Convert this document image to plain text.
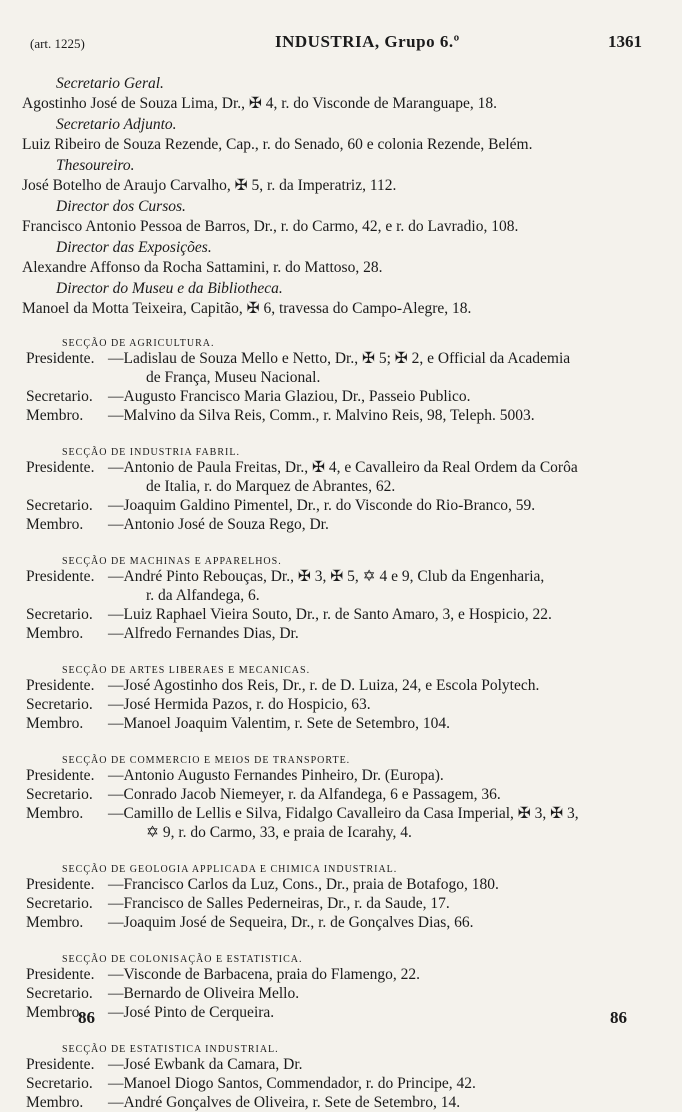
(art. 1225)	INDUSTRIA, Grupo 6.º	1361
86	86
Secretario Geral.
Agostinho José de Souza Lima, Dr., ✠ 4, r. do Visconde de Maranguape, 18.
Secretario Adjunto.
Luiz Ribeiro de Souza Rezende, Cap., r. do Senado, 60 e colonia Rezende, Belém.
Thesoureiro.
José Botelho de Araujo Carvalho, ✠ 5, r. da Imperatriz, 112.
Director dos Cursos.
Francisco Antonio Pessoa de Barros, Dr., r. do Carmo, 42, e r. do Lavradio, 108.
Director das Exposições.
Alexandre Affonso da Rocha Sattamini, r. do Mattoso, 28.
Director do Museu e da Bibliotheca.
Manoel da Motta Teixeira, Capitão, ✠ 6, travessa do Campo-Alegre, 18.
SECÇÃO DE AGRICULTURA.
Presidente. —Ladislau de Souza Mello e Netto, Dr., ✠ 5; ✠ 2, e Official da Academia
de França, Museu Nacional.
Secretario. —Augusto Francisco Maria Glaziou, Dr., Passeio Publico.
Membro. —Malvino da Silva Reis, Comm., r. Malvino Reis, 98, Teleph. 5003.
SECÇÃO DE INDUSTRIA FABRIL.
Presidente. —Antonio de Paula Freitas, Dr., ✠ 4, e Cavalleiro da Real Ordem da Corôa
de Italia, r. do Marquez de Abrantes, 62.
Secretario. —Joaquim Galdino Pimentel, Dr., r. do Visconde do Rio-Branco, 59.
Membro. —Antonio José de Souza Rego, Dr.
SECÇÃO DE MACHINAS E APPARELHOS.
Presidente. —André Pinto Rebouças, Dr., ✠ 3, ✠ 5, ✡ 4 e 9, Club da Engenharia,
r. da Alfandega, 6.
Secretario. —Luiz Raphael Vieira Souto, Dr., r. de Santo Amaro, 3, e Hospicio, 22.
Membro. —Alfredo Fernandes Dias, Dr.
SECÇÃO DE ARTES LIBERAES E MECANICAS.
Presidente. —José Agostinho dos Reis, Dr., r. de D. Luiza, 24, e Escola Polytech.
Secretario. —José Hermida Pazos, r. do Hospicio, 63.
Membro. —Manoel Joaquim Valentim, r. Sete de Setembro, 104.
SECÇÃO DE COMMERCIO E MEIOS DE TRANSPORTE.
Presidente. —Antonio Augusto Fernandes Pinheiro, Dr. (Europa).
Secretario. —Conrado Jacob Niemeyer, r. da Alfandega, 6 e Passagem, 36.
Membro. —Camillo de Lellis e Silva, Fidalgo Cavalleiro da Casa Imperial, ✠ 3, ✠ 3,
✡ 9, r. do Carmo, 33, e praia de Icarahy, 4.
SECÇÃO DE GEOLOGIA APPLICADA E CHIMICA INDUSTRIAL.
Presidente. —Francisco Carlos da Luz, Cons., Dr., praia de Botafogo, 180.
Secretario. —Francisco de Salles Pederneiras, Dr., r. da Saude, 17.
Membro. —Joaquim José de Sequeira, Dr., r. de Gonçalves Dias, 66.
SECÇÃO DE COLONISAÇÃO E ESTATISTICA.
Presidente. —Visconde de Barbacena, praia do Flamengo, 22.
Secretario. —Bernardo de Oliveira Mello.
Membro. —José Pinto de Cerqueira.
SECÇÃO DE ESTATISTICA INDUSTRIAL.
Presidente. —José Ewbank da Camara, Dr.
Secretario. —Manoel Diogo Santos, Commendador, r. do Principe, 42.
Membro. —André Gonçalves de Oliveira, r. Sete de Setembro, 14.
